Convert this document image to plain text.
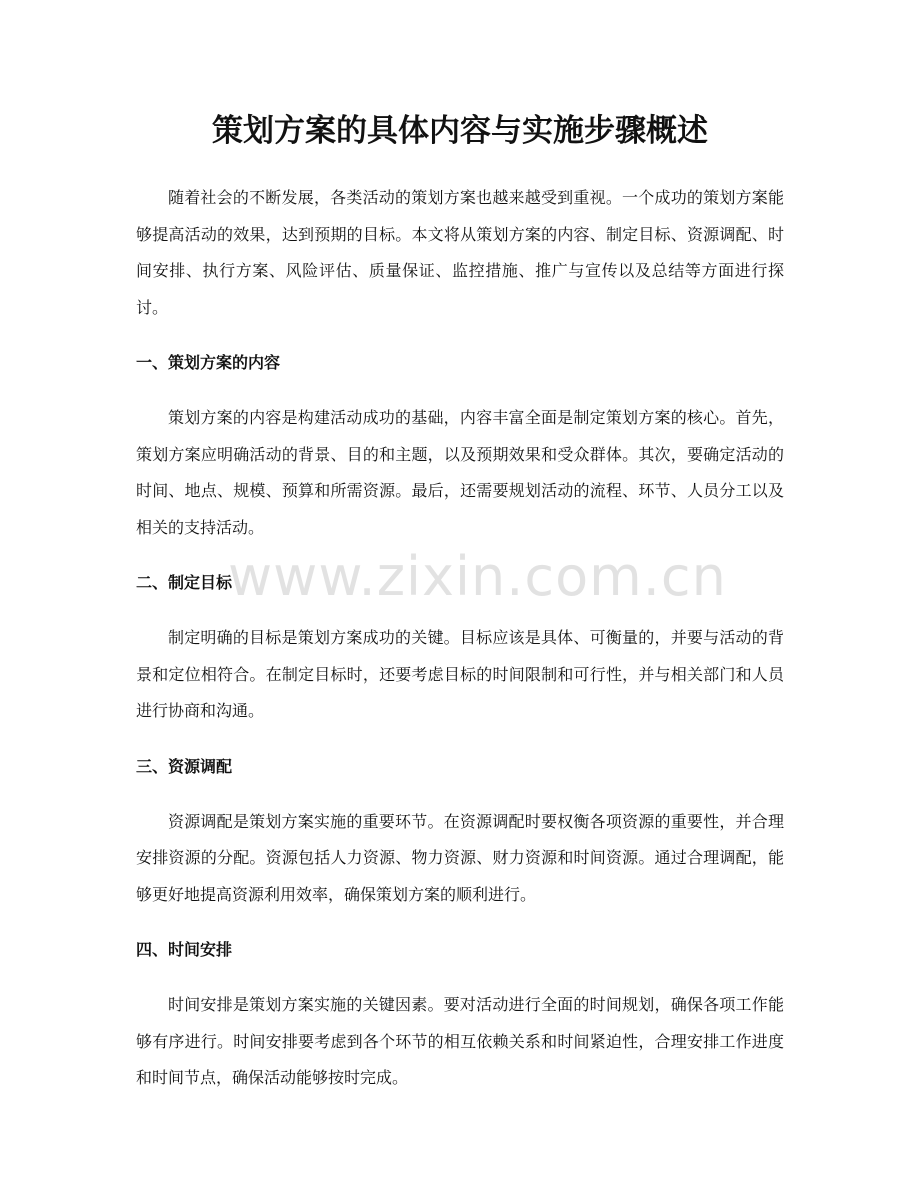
策划方案的具体内容与实施步骤概述

随着社会的不断发展，各类活动的策划方案也越来越受到重视。一个成功的策划方案能够提高活动的效果，达到预期的目标。本文将从策划方案的内容、制定目标、资源调配、时间安排、执行方案、风险评估、质量保证、监控措施、推广与宣传以及总结等方面进行探讨。

一、策划方案的内容

策划方案的内容是构建活动成功的基础，内容丰富全面是制定策划方案的核心。首先，策划方案应明确活动的背景、目的和主题，以及预期效果和受众群体。其次，要确定活动的时间、地点、规模、预算和所需资源。最后，还需要规划活动的流程、环节、人员分工以及相关的支持活动。

二、制定目标

制定明确的目标是策划方案成功的关键。目标应该是具体、可衡量的，并要与活动的背景和定位相符合。在制定目标时，还要考虑目标的时间限制和可行性，并与相关部门和人员进行协商和沟通。

三、资源调配

资源调配是策划方案实施的重要环节。在资源调配时要权衡各项资源的重要性，并合理安排资源的分配。资源包括人力资源、物力资源、财力资源和时间资源。通过合理调配，能够更好地提高资源利用效率，确保策划方案的顺利进行。

四、时间安排

时间安排是策划方案实施的关键因素。要对活动进行全面的时间规划，确保各项工作能够有序进行。时间安排要考虑到各个环节的相互依赖关系和时间紧迫性，合理安排工作进度和时间节点，确保活动能够按时完成。

www.zixin.com.cn
